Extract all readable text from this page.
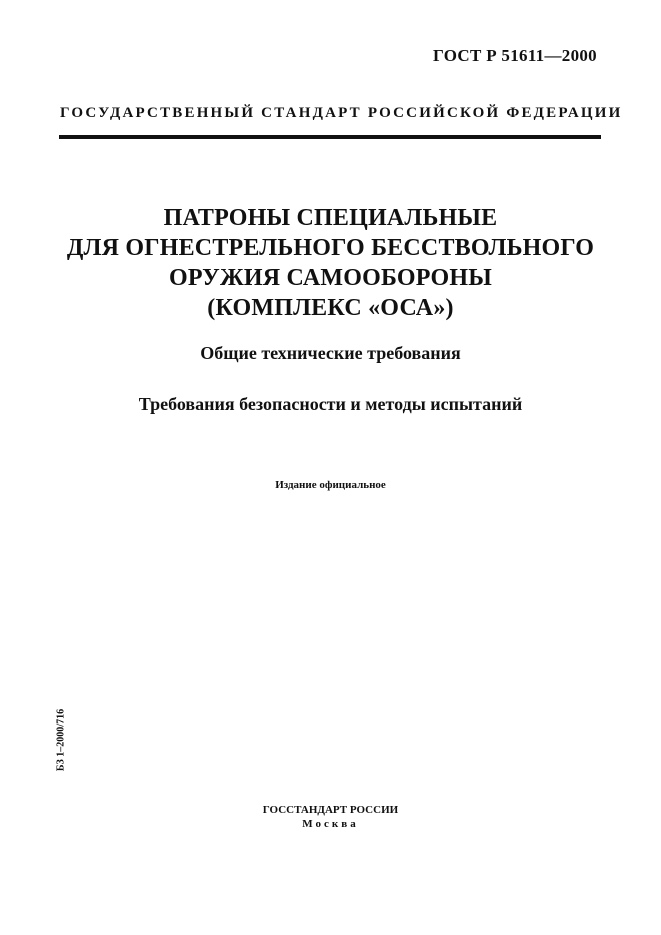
ГОСТ Р 51611—2000
ГОСУДАРСТВЕННЫЙ СТАНДАРТ РОССИЙСКОЙ ФЕДЕРАЦИИ
ПАТРОНЫ СПЕЦИАЛЬНЫЕ
ДЛЯ ОГНЕСТРЕЛЬНОГО БЕССТВОЛЬНОГО
ОРУЖИЯ САМООБОРОНЫ
(КОМПЛЕКС «ОСА»)
Общие технические требования
Требования безопасности и методы испытаний
Издание официальное
БЗ 1–2000/716
ГОССТАНДАРТ РОССИИ
Москва
